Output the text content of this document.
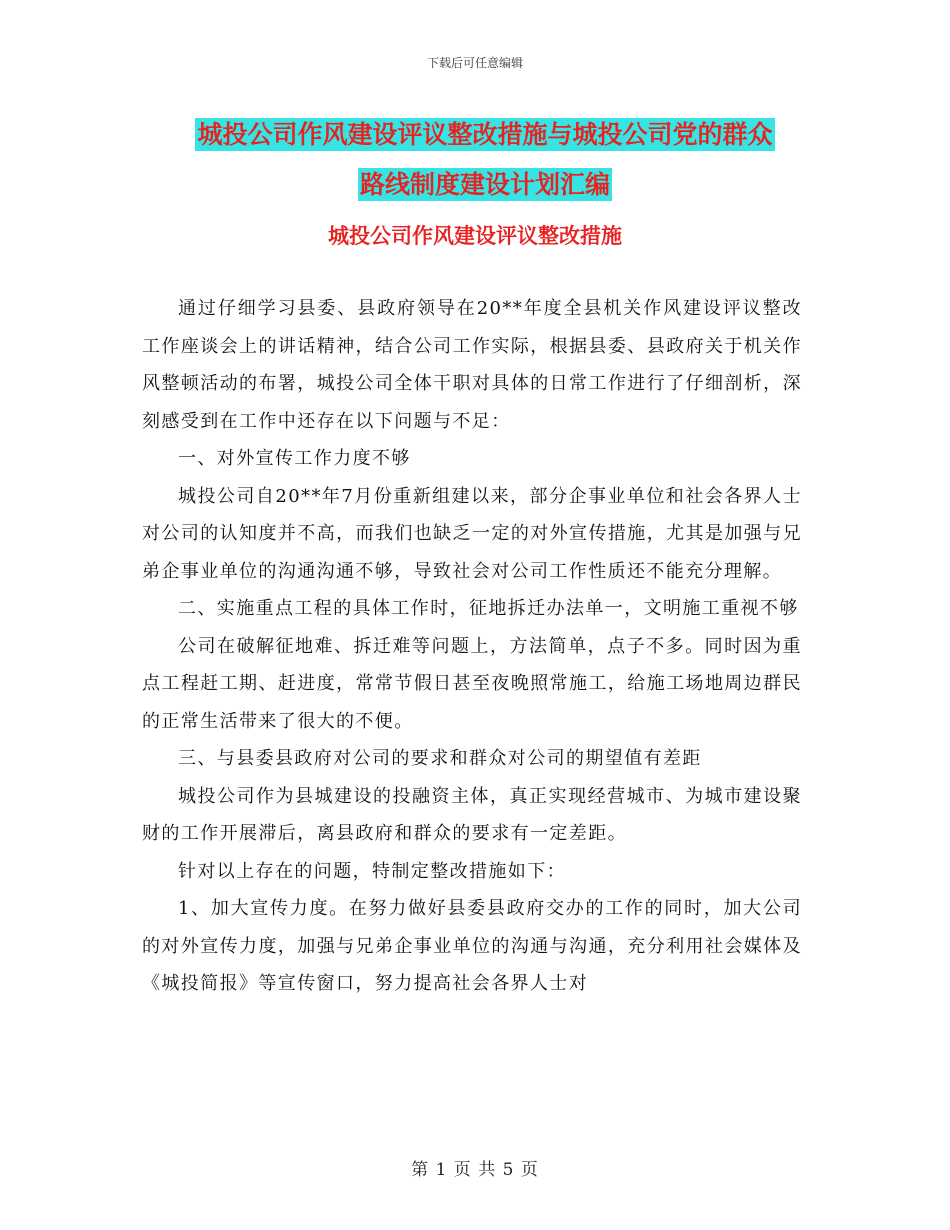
下载后可任意编辑
城投公司作风建设评议整改措施与城投公司党的群众
路线制度建设计划汇编
城投公司作风建设评议整改措施

通过仔细学习县委、县政府领导在20**年度全县机关作风建设评议整改工作座谈会上的讲话精神，结合公司工作实际，根据县委、县政府关于机关作风整顿活动的布署，城投公司全体干职对具体的日常工作进行了仔细剖析，深刻感受到在工作中还存在以下问题与不足：

一、对外宣传工作力度不够

城投公司自20**年7月份重新组建以来，部分企事业单位和社会各界人士对公司的认知度并不高，而我们也缺乏一定的对外宣传措施，尤其是加强与兄弟企事业单位的沟通沟通不够，导致社会对公司工作性质还不能充分理解。

二、实施重点工程的具体工作时，征地拆迁办法单一，文明施工重视不够

公司在破解征地难、拆迁难等问题上，方法简单，点子不多。同时因为重点工程赶工期、赶进度，常常节假日甚至夜晚照常施工，给施工场地周边群民的正常生活带来了很大的不便。

三、与县委县政府对公司的要求和群众对公司的期望值有差距

城投公司作为县城建设的投融资主体，真正实现经营城市、为城市建设聚财的工作开展滞后，离县政府和群众的要求有一定差距。

针对以上存在的问题，特制定整改措施如下：

1、加大宣传力度。在努力做好县委县政府交办的工作的同时，加大公司的对外宣传力度，加强与兄弟企事业单位的沟通与沟通，充分利用社会媒体及《城投简报》等宣传窗口，努力提高社会各界人士对

第 1 页 共 5 页
